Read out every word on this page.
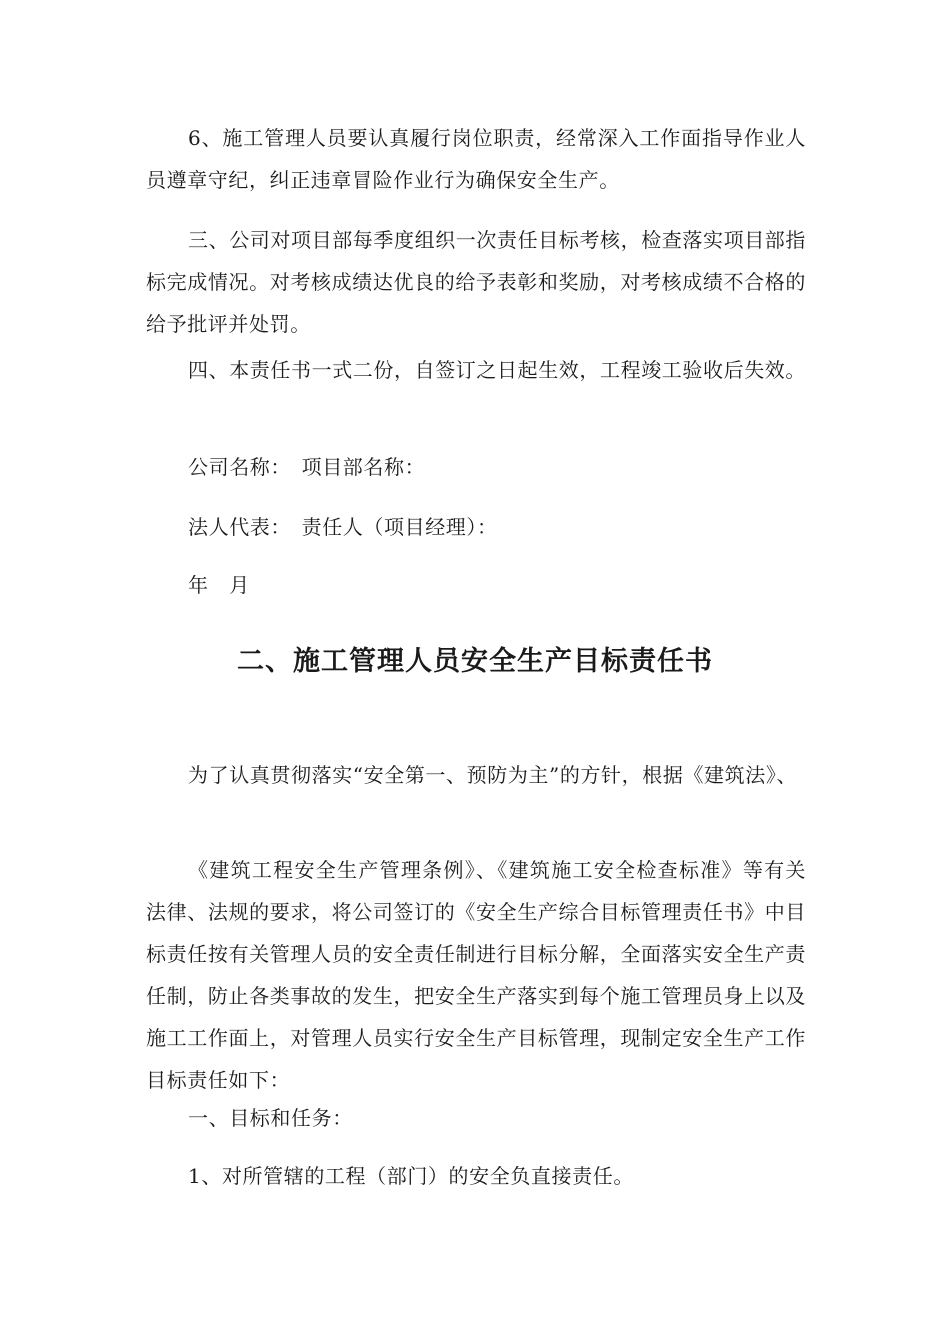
6、施工管理人员要认真履行岗位职责，经常深入工作面指导作业人员遵章守纪，纠正违章冒险作业行为确保安全生产。

三、公司对项目部每季度组织一次责任目标考核，检查落实项目部指标完成情况。对考核成绩达优良的给予表彰和奖励，对考核成绩不合格的给予批评并处罚。

四、本责任书一式二份，自签订之日起生效，工程竣工验收后失效。

公司名称：　项目部名称：

法人代表：　责任人（项目经理）：

年　月

二、施工管理人员安全生产目标责任书

为了认真贯彻落实“安全第一、预防为主”的方针，根据《建筑法》、

《建筑工程安全生产管理条例》、《建筑施工安全检查标准》等有关法律、法规的要求，将公司签订的《安全生产综合目标管理责任书》中目标责任按有关管理人员的安全责任制进行目标分解，全面落实安全生产责任制，防止各类事故的发生，把安全生产落实到每个施工管理员身上以及施工工作面上，对管理人员实行安全生产目标管理，现制定安全生产工作目标责任如下：

一、目标和任务：

1、对所管辖的工程（部门）的安全负直接责任。
